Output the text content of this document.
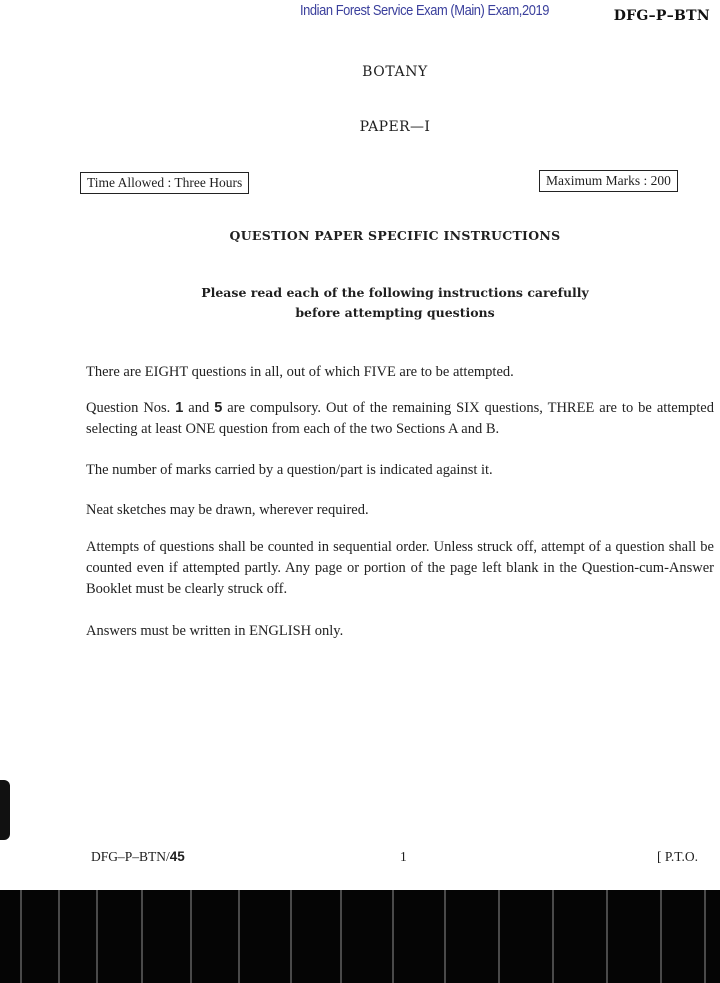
Indian Forest Service Exam (Main) Exam,2019	DFG–P–BTN
BOTANY
PAPER—I
Time Allowed : Three Hours	Maximum Marks : 200
QUESTION PAPER SPECIFIC INSTRUCTIONS
Please read each of the following instructions carefully
before attempting questions
There are EIGHT questions in all, out of which FIVE are to be attempted.
Question Nos. 1 and 5 are compulsory. Out of the remaining SIX questions, THREE are to be attempted selecting at least ONE question from each of the two Sections A and B.
The number of marks carried by a question/part is indicated against it.
Neat sketches may be drawn, wherever required.
Attempts of questions shall be counted in sequential order. Unless struck off, attempt of a question shall be counted even if attempted partly. Any page or portion of the page left blank in the Question-cum-Answer Booklet must be clearly struck off.
Answers must be written in ENGLISH only.
DFG–P–BTN/45	1	[ P.T.O.
